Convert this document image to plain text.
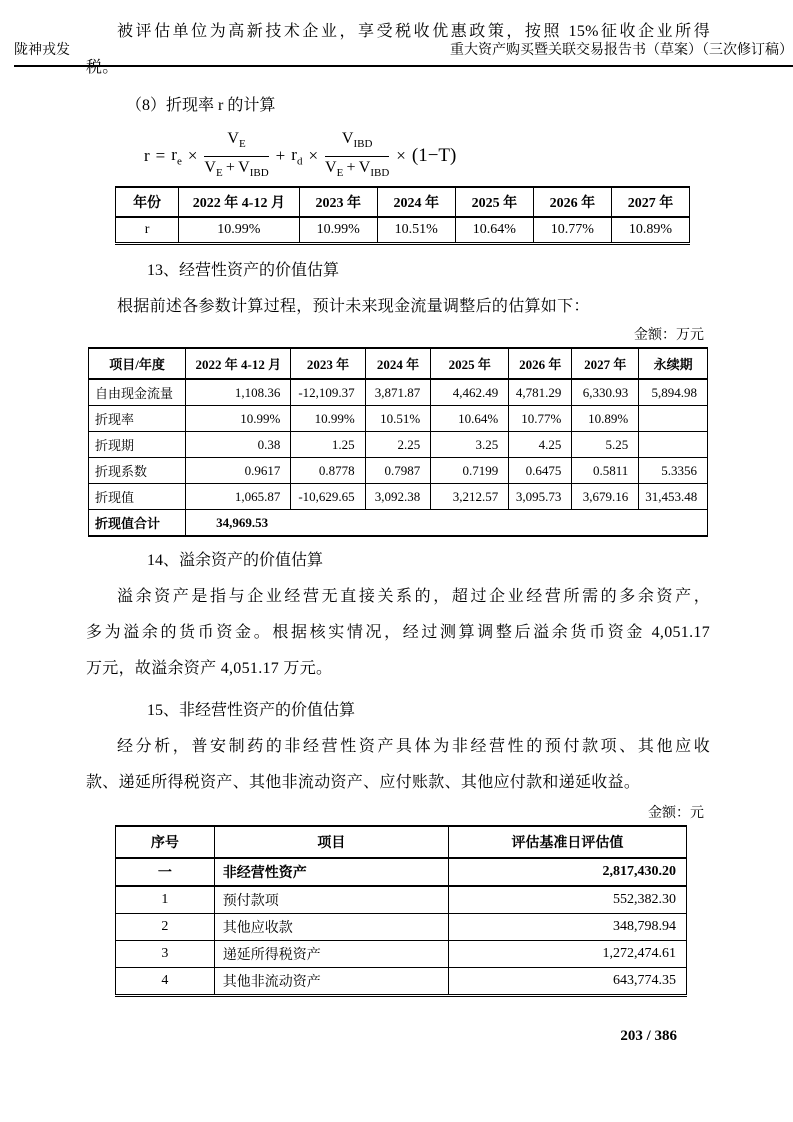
陇神戎发	重大资产购买暨关联交易报告书（草案）（三次修订稿）

被评估单位为高新技术企业，享受税收优惠政策，按照 15%征收企业所得

税。

（8）折现率 r 的计算

$r = r_e \times \frac{V_E}{V_E + V_{IBD}} + r_d \times \frac{V_{IBD}}{V_E + V_{IBD}} \times (1-T)$
年份	2022 年 4-12 月	2023 年	2024 年	2025 年	2026 年	2027 年
r	10.99%	10.99%	10.51%	10.64%	10.77%	10.89%

13、经营性资产的价值估算

根据前述各参数计算过程，预计未来现金流量调整后的估算如下：

金额：万元
项目/年度	2022 年 4-12 月	2023 年	2024 年	2025 年	2026 年	2027 年	永续期
自由现金流量	1,108.36	-12,109.37	3,871.87	4,462.49	4,781.29	6,330.93	5,894.98
折现率	10.99%	10.99%	10.51%	10.64%	10.77%	10.89%	
折现期	0.38	1.25	2.25	3.25	4.25	5.25	
折现系数	0.9617	0.8778	0.7987	0.7199	0.6475	0.5811	5.3356
折现值	1,065.87	-10,629.65	3,092.38	3,212.57	3,095.73	3,679.16	31,453.48
折现值合计	34,969.53						

14、溢余资产的价值估算

溢余资产是指与企业经营无直接关系的，超过企业经营所需的多余资产，

多为溢余的货币资金。根据核实情况，经过测算调整后溢余货币资金 4,051.17

万元，故溢余资产 4,051.17 万元。

15、非经营性资产的价值估算

经分析，普安制药的非经营性资产具体为非经营性的预付款项、其他应收

款、递延所得税资产、其他非流动资产、应付账款、其他应付款和递延收益。

金额：元
序号	项目	评估基准日评估值
一	非经营性资产	2,817,430.20
1	预付款项	552,382.30
2	其他应收款	348,798.94
3	递延所得税资产	1,272,474.61
4	其他非流动资产	643,774.35
203 / 386
